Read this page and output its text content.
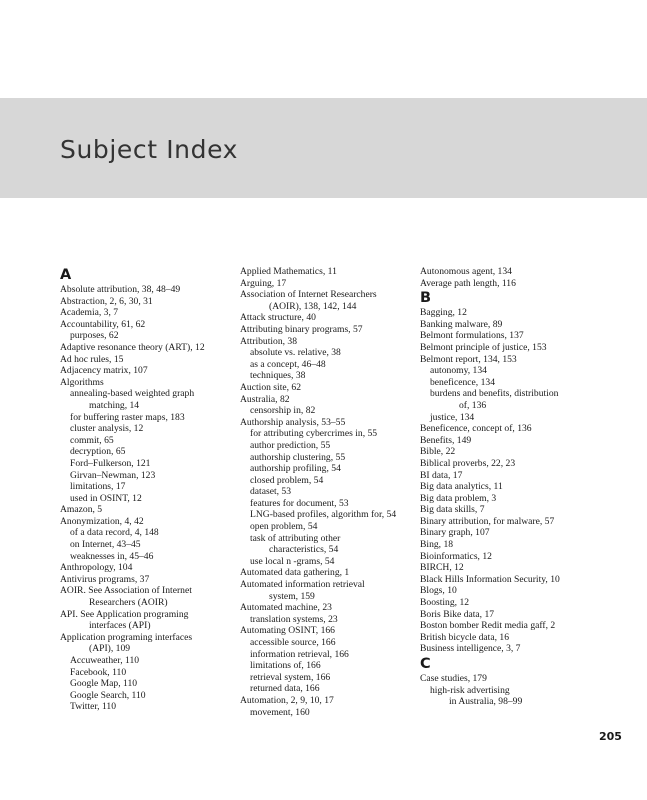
Subject Index
A
Absolute attribution, 38, 48–49
Abstraction, 2, 6, 30, 31
Academia, 3, 7
Accountability, 61, 62
purposes, 62
Adaptive resonance theory (ART), 12
Ad hoc rules, 15
Adjacency matrix, 107
Algorithms
annealing-based weighted graph
matching, 14
for buffering raster maps, 183
cluster analysis, 12
commit, 65
decryption, 65
Ford–Fulkerson, 121
Girvan–Newman, 123
limitations, 17
used in OSINT, 12
Amazon, 5
Anonymization, 4, 42
of a data record, 4, 148
on Internet, 43–45
weaknesses in, 45–46
Anthropology, 104
Antivirus programs, 37
AOIR. See Association of Internet
Researchers (AOIR)
API. See Application programing
interfaces (API)
Application programing interfaces
(API), 109
Accuweather, 110
Facebook, 110
Google Map, 110
Google Search, 110
Twitter, 110
Applied Mathematics, 11
Arguing, 17
Association of Internet Researchers
(AOIR), 138, 142, 144
Attack structure, 40
Attributing binary programs, 57
Attribution, 38
absolute vs. relative, 38
as a concept, 46–48
techniques, 38
Auction site, 62
Australia, 82
censorship in, 82
Authorship analysis, 53–55
for attributing cybercrimes in, 55
author prediction, 55
authorship clustering, 55
authorship profiling, 54
closed problem, 54
dataset, 53
features for document, 53
LNG-based profiles, algorithm for, 54
open problem, 54
task of attributing other
characteristics, 54
use local n -grams, 54
Automated data gathering, 1
Automated information retrieval
system, 159
Automated machine, 23
translation systems, 23
Automating OSINT, 166
accessible source, 166
information retrieval, 166
limitations of, 166
retrieval system, 166
returned data, 166
Automation, 2, 9, 10, 17
movement, 160
Autonomous agent, 134
Average path length, 116
B
Bagging, 12
Banking malware, 89
Belmont formulations, 137
Belmont principle of justice, 153
Belmont report, 134, 153
autonomy, 134
beneficence, 134
burdens and benefits, distribution
of, 136
justice, 134
Beneficence, concept of, 136
Benefits, 149
Bible, 22
Biblical proverbs, 22, 23
BI data, 17
Big data analytics, 11
Big data problem, 3
Big data skills, 7
Binary attribution, for malware, 57
Binary graph, 107
Bing, 18
Bioinformatics, 12
BIRCH, 12
Black Hills Information Security, 10
Blogs, 10
Boosting, 12
Boris Bike data, 17
Boston bomber Redit media gaff, 2
British bicycle data, 16
Business intelligence, 3, 7
C
Case studies, 179
high-risk advertising
in Australia, 98–99
205
